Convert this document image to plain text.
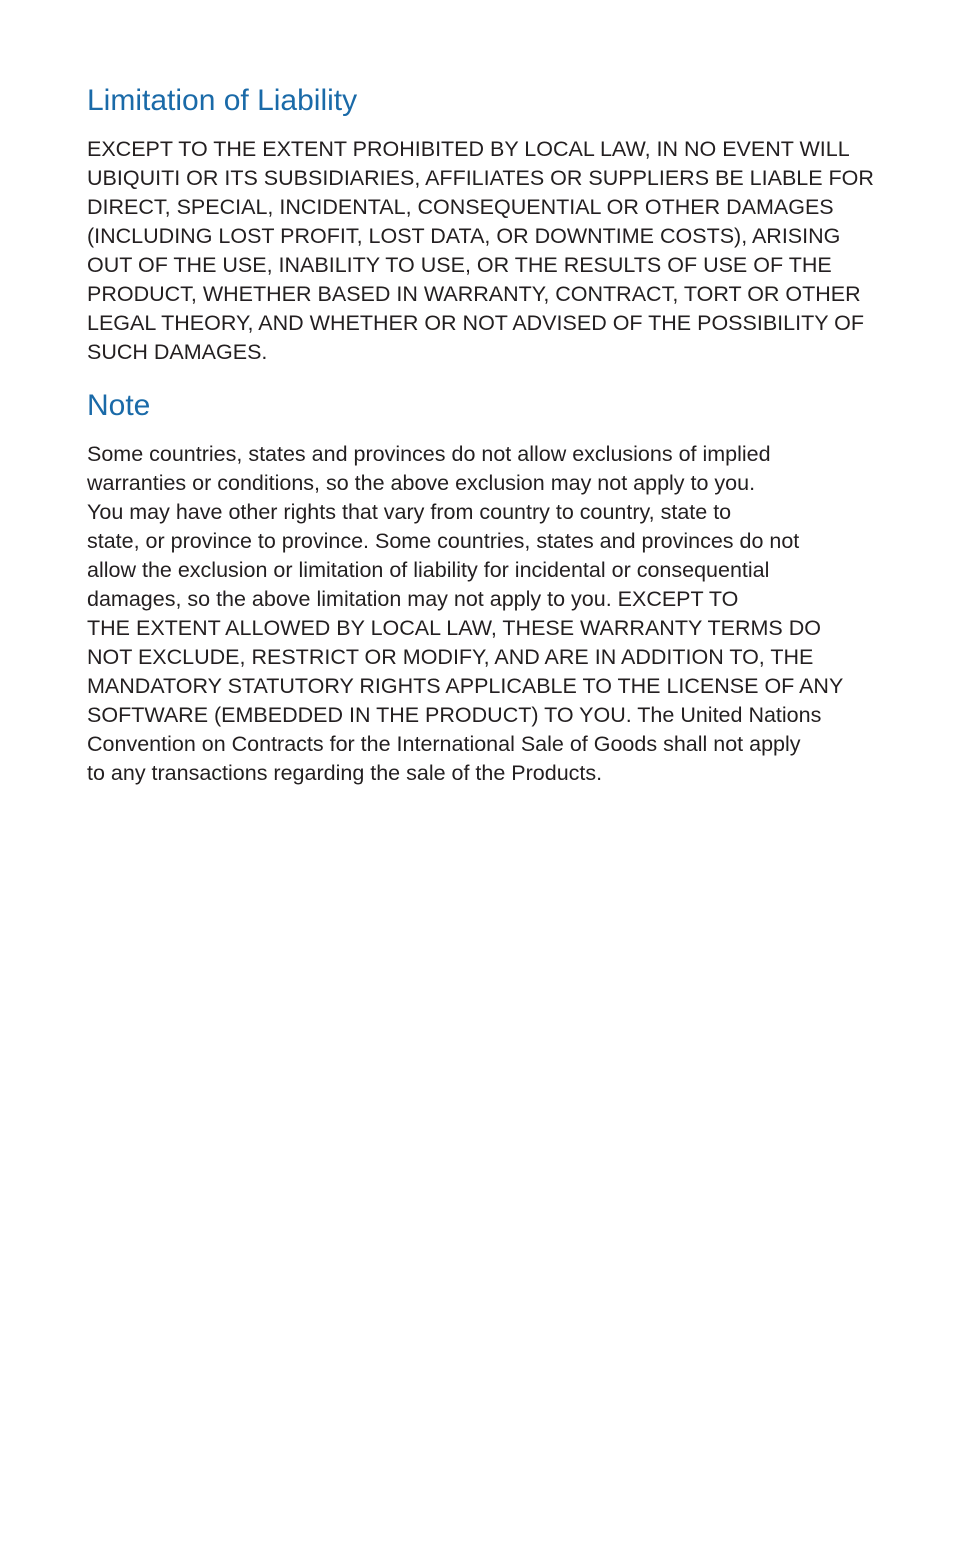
Limitation of Liability

EXCEPT TO THE EXTENT PROHIBITED BY LOCAL LAW, IN NO EVENT WILL
UBIQUITI OR ITS SUBSIDIARIES, AFFILIATES OR SUPPLIERS BE LIABLE FOR
DIRECT, SPECIAL, INCIDENTAL, CONSEQUENTIAL OR OTHER DAMAGES
(INCLUDING LOST PROFIT, LOST DATA, OR DOWNTIME COSTS), ARISING
OUT OF THE USE, INABILITY TO USE, OR THE RESULTS OF USE OF THE
PRODUCT, WHETHER BASED IN WARRANTY, CONTRACT, TORT OR OTHER
LEGAL THEORY, AND WHETHER OR NOT ADVISED OF THE POSSIBILITY OF
SUCH DAMAGES.

Note

Some countries, states and provinces do not allow exclusions of implied
warranties or conditions, so the above exclusion may not apply to you.
You may have other rights that vary from country to country, state to
state, or province to province. Some countries, states and provinces do not
allow the exclusion or limitation of liability for incidental or consequential
damages, so the above limitation may not apply to you. EXCEPT TO
THE EXTENT ALLOWED BY LOCAL LAW, THESE WARRANTY TERMS DO
NOT EXCLUDE, RESTRICT OR MODIFY, AND ARE IN ADDITION TO, THE
MANDATORY STATUTORY RIGHTS APPLICABLE TO THE LICENSE OF ANY
SOFTWARE (EMBEDDED IN THE PRODUCT) TO YOU. The United Nations
Convention on Contracts for the International Sale of Goods shall not apply
to any transactions regarding the sale of the Products.
